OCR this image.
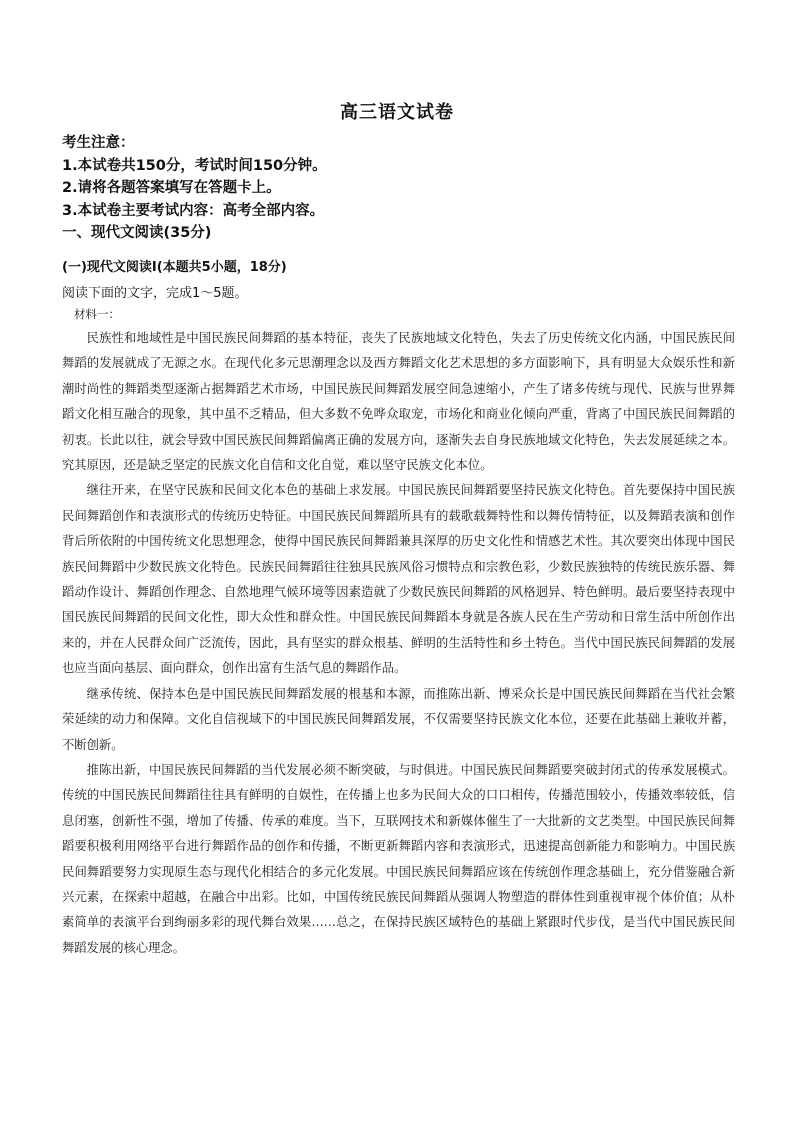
高三语文试卷
考生注意：
1.本试卷共150分，考试时间150分钟。
2.请将各题答案填写在答题卡上。
3.本试卷主要考试内容：高考全部内容。
一、现代文阅读(35分)
(一)现代文阅读Ⅰ(本题共5小题，18分)
阅读下面的文字，完成1～5题。
材料一：

民族性和地域性是中国民族民间舞蹈的基本特征，丧失了民族地域文化特色，失去了历史传统文化内涵，中国民族民间舞蹈的发展就成了无源之水。在现代化多元思潮理念以及西方舞蹈文化艺术思想的多方面影响下，具有明显大众娱乐性和新潮时尚性的舞蹈类型逐渐占据舞蹈艺术市场，中国民族民间舞蹈发展空间急速缩小，产生了诸多传统与现代、民族与世界舞蹈文化相互融合的现象，其中虽不乏精品，但大多数不免哗众取宠，市场化和商业化倾向严重，背离了中国民族民间舞蹈的初衷。长此以往，就会导致中国民族民间舞蹈偏离正确的发展方向，逐渐失去自身民族地域文化特色，失去发展延续之本。究其原因，还是缺乏坚定的民族文化自信和文化自觉，难以坚守民族文化本位。

继往开来，在坚守民族和民间文化本色的基础上求发展。中国民族民间舞蹈要坚持民族文化特色。首先要保持中国民族民间舞蹈创作和表演形式的传统历史特征。中国民族民间舞蹈所具有的载歌载舞特性和以舞传情特征，以及舞蹈表演和创作背后所依附的中国传统文化思想理念，使得中国民族民间舞蹈兼具深厚的历史文化性和情感艺术性。其次要突出体现中国民族民间舞蹈中少数民族文化特色。民族民间舞蹈往往独具民族风俗习惯特点和宗教色彩，少数民族独特的传统民族乐器、舞蹈动作设计、舞蹈创作理念、自然地理气候环境等因素造就了少数民族民间舞蹈的风格迥异、特色鲜明。最后要坚持表现中国民族民间舞蹈的民间文化性，即大众性和群众性。中国民族民间舞蹈本身就是各族人民在生产劳动和日常生活中所创作出来的，并在人民群众间广泛流传，因此，具有坚实的群众根基、鲜明的生活特性和乡土特色。当代中国民族民间舞蹈的发展也应当面向基层、面向群众，创作出富有生活气息的舞蹈作品。

继承传统、保持本色是中国民族民间舞蹈发展的根基和本源，而推陈出新、博采众长是中国民族民间舞蹈在当代社会繁荣延续的动力和保障。文化自信视域下的中国民族民间舞蹈发展，不仅需要坚持民族文化本位，还要在此基础上兼收并蓄，不断创新。

推陈出新，中国民族民间舞蹈的当代发展必须不断突破，与时俱进。中国民族民间舞蹈要突破封闭式的传承发展模式。传统的中国民族民间舞蹈往往具有鲜明的自娱性，在传播上也多为民间大众的口口相传，传播范围较小，传播效率较低，信息闭塞，创新性不强，增加了传播、传承的难度。当下，互联网技术和新媒体催生了一大批新的文艺类型。中国民族民间舞蹈要积极利用网络平台进行舞蹈作品的创作和传播，不断更新舞蹈内容和表演形式，迅速提高创新能力和影响力。中国民族民间舞蹈要努力实现原生态与现代化相结合的多元化发展。中国民族民间舞蹈应该在传统创作理念基础上，充分借鉴融合新兴元素，在探索中超越，在融合中出彩。比如，中国传统民族民间舞蹈从强调人物塑造的群体性到重视审视个体价值；从朴素简单的表演平台到绚丽多彩的现代舞台效果……总之，在保持民族区域特色的基础上紧跟时代步伐，是当代中国民族民间舞蹈发展的核心理念。
